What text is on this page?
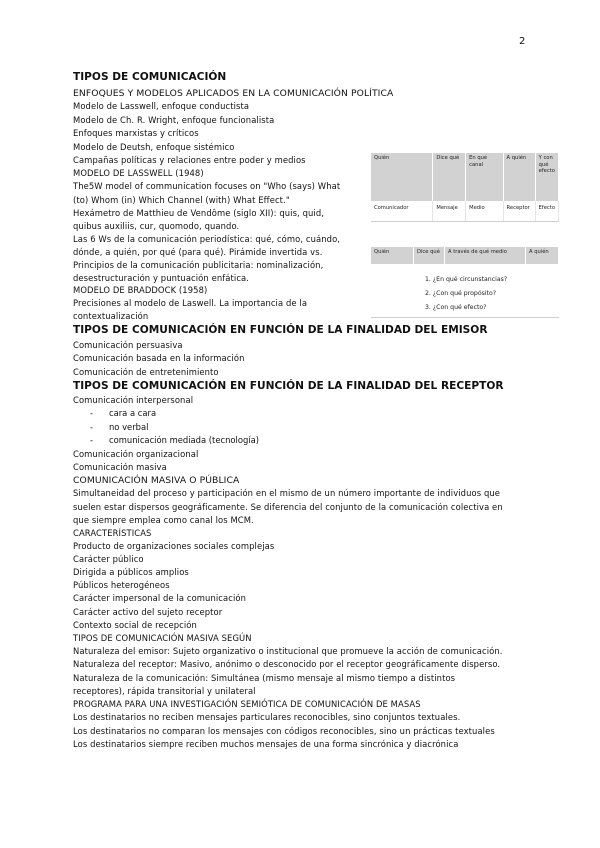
2
TIPOS DE COMUNICACIÓN
ENFOQUES Y MODELOS APLICADOS EN LA COMUNICACIÓN POLÍTICA
Modelo de Lasswell, enfoque conductista
Modelo de Ch. R. Wright, enfoque funcionalista
Enfoques marxistas y críticos
Modelo de Deutsh, enfoque sistémico
Campañas políticas y relaciones entre poder y medios
MODELO DE LASSWELL (1948)
The5W model of communication focuses on "Who (says) What
(to) Whom (in) Which Channel (with) What Effect."
Hexámetro de Matthieu de Vendôme (siglo XII): quis, quid,
quibus auxiliis, cur, quomodo, quando.
Las 6 Ws de la comunicación periodística: qué, cómo, cuándo,
dónde, a quién, por qué (para qué). Pirámide invertida vs.
Principios de la comunicación publicitaria: nominalización,
desestructuración y puntuación enfática.
MODELO DE BRADDOCK (1958)
Precisiones al modelo de Laswell. La importancia de la
contextualización
TIPOS DE COMUNICACIÓN EN FUNCIÓN DE LA FINALIDAD DEL EMISOR
Comunicación persuasiva
Comunicación basada en la información
Comunicación de entretenimiento
TIPOS DE COMUNICACIÓN EN FUNCIÓN DE LA FINALIDAD DEL RECEPTOR
Comunicación interpersonal
- cara a cara
- no verbal
- comunicación mediada (tecnología)
Comunicación organizacional
Comunicación masiva
COMUNICACIÓN MASIVA O PÚBLICA
Simultaneidad del proceso y participación en el mismo de un número importante de individuos que
suelen estar dispersos geográficamente. Se diferencia del conjunto de la comunicación colectiva en
que siempre emplea como canal los MCM.
CARACTERÍSTICAS
Producto de organizaciones sociales complejas
Carácter público
Dirigida a públicos amplios
Públicos heterogéneos
Carácter impersonal de la comunicación
Carácter activo del sujeto receptor
Contexto social de recepción
TIPOS DE COMUNICACIÓN MASIVA SEGÚN
Naturaleza del emisor: Sujeto organizativo o institucional que promueve la acción de comunicación.
Naturaleza del receptor: Masivo, anónimo o desconocido por el receptor geográficamente disperso.
Naturaleza de la comunicación: Simultánea (mismo mensaje al mismo tiempo a distintos
receptores), rápida transitorial y unilateral
PROGRAMA PARA UNA INVESTIGACIÓN SEMIÓTICA DE COMUNICACIÓN DE MASAS
Los destinatarios no reciben mensajes particulares reconocibles, sino conjuntos textuales.
Los destinatarios no comparan los mensajes con códigos reconocibles, sino un prácticas textuales
Los destinatarios siempre reciben muchos mensajes de una forma sincrónica y diacrónica
Quién	Dice qué	En qué canal	A quién	Y con qué efecto
Comunicador	Mensaje	Medio	Receptor	Efecto
Quién	Dice qué	A través de qué medio	A quién
1. ¿En qué circunstancias?
2. ¿Con qué propósito?
3. ¿Con qué efecto?
